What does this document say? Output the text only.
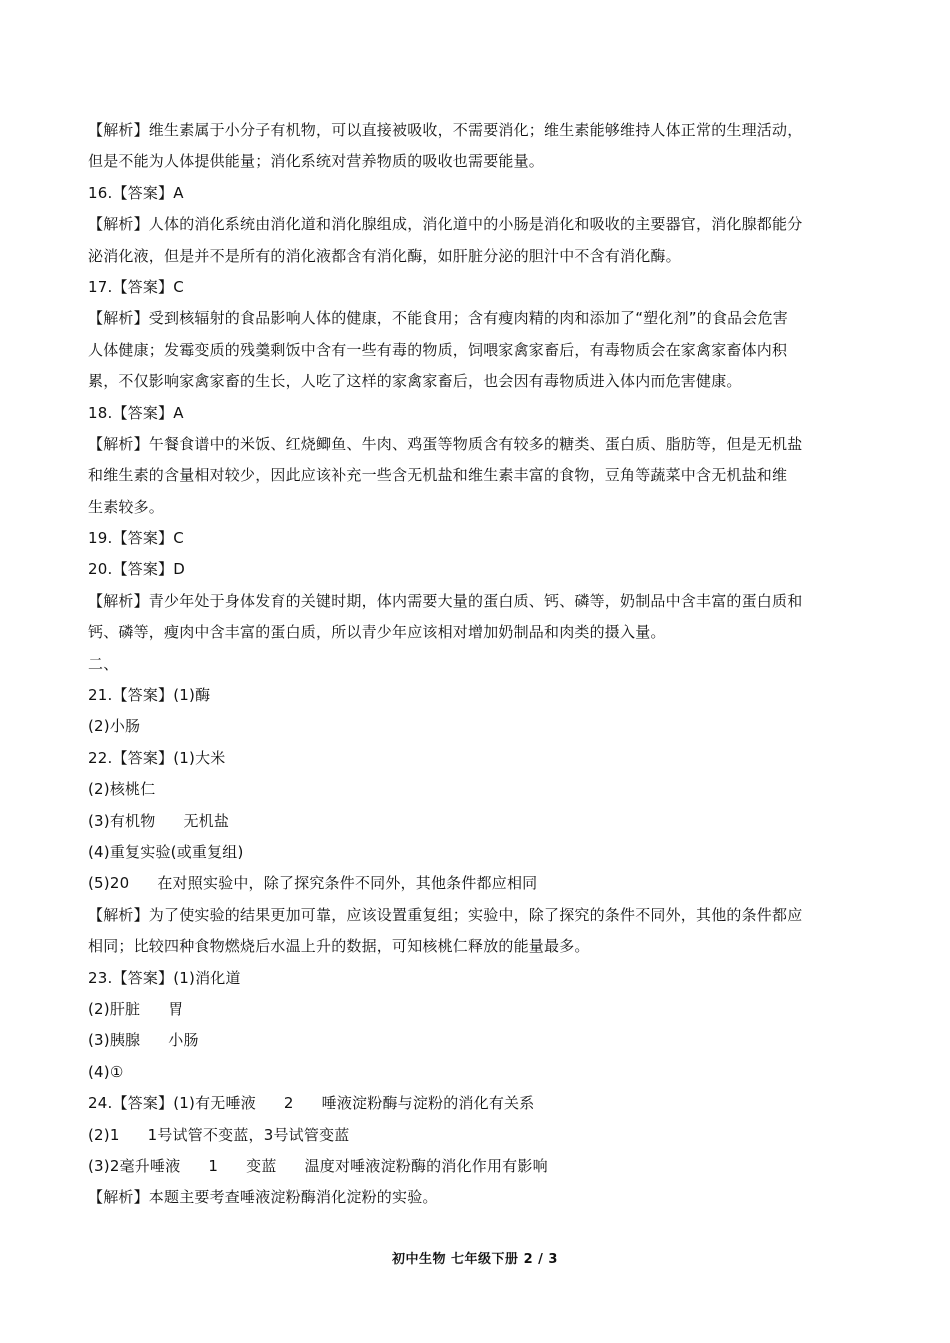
【解析】维生素属于小分子有机物，可以直接被吸收，不需要消化；维生素能够维持人体正常的生理活动，
但是不能为人体提供能量；消化系统对营养物质的吸收也需要能量。
16.【答案】A
【解析】人体的消化系统由消化道和消化腺组成，消化道中的小肠是消化和吸收的主要器官，消化腺都能分
泌消化液，但是并不是所有的消化液都含有消化酶，如肝脏分泌的胆汁中不含有消化酶。
17.【答案】C
【解析】受到核辐射的食品影响人体的健康，不能食用；含有瘦肉精的肉和添加了“塑化剂”的食品会危害
人体健康；发霉变质的残羹剩饭中含有一些有毒的物质，饲喂家禽家畜后，有毒物质会在家禽家畜体内积
累，不仅影响家禽家畜的生长，人吃了这样的家禽家畜后，也会因有毒物质进入体内而危害健康。
18.【答案】A
【解析】午餐食谱中的米饭、红烧鲫鱼、牛肉、鸡蛋等物质含有较多的糖类、蛋白质、脂肪等，但是无机盐
和维生素的含量相对较少，因此应该补充一些含无机盐和维生素丰富的食物，豆角等蔬菜中含无机盐和维
生素较多。
19.【答案】C
20.【答案】D
【解析】青少年处于身体发育的关键时期，体内需要大量的蛋白质、钙、磷等，奶制品中含丰富的蛋白质和
钙、磷等，瘦肉中含丰富的蛋白质，所以青少年应该相对增加奶制品和肉类的摄入量。
二、
21.【答案】(1)酶
(2)小肠
22.【答案】(1)大米
(2)核桃仁
(3)有机物 无机盐
(4)重复实验(或重复组)
(5)20 在对照实验中，除了探究条件不同外，其他条件都应相同
【解析】为了使实验的结果更加可靠，应该设置重复组；实验中，除了探究的条件不同外，其他的条件都应
相同；比较四种食物燃烧后水温上升的数据，可知核桃仁释放的能量最多。
23.【答案】(1)消化道
(2)肝脏 胃
(3)胰腺 小肠
(4)①
24.【答案】(1)有无唾液 2 唾液淀粉酶与淀粉的消化有关系
(2)1 1号试管不变蓝，3号试管变蓝
(3)2毫升唾液 1 变蓝 温度对唾液淀粉酶的消化作用有影响
【解析】本题主要考查唾液淀粉酶消化淀粉的实验。
初中生物 七年级下册 2 / 3
